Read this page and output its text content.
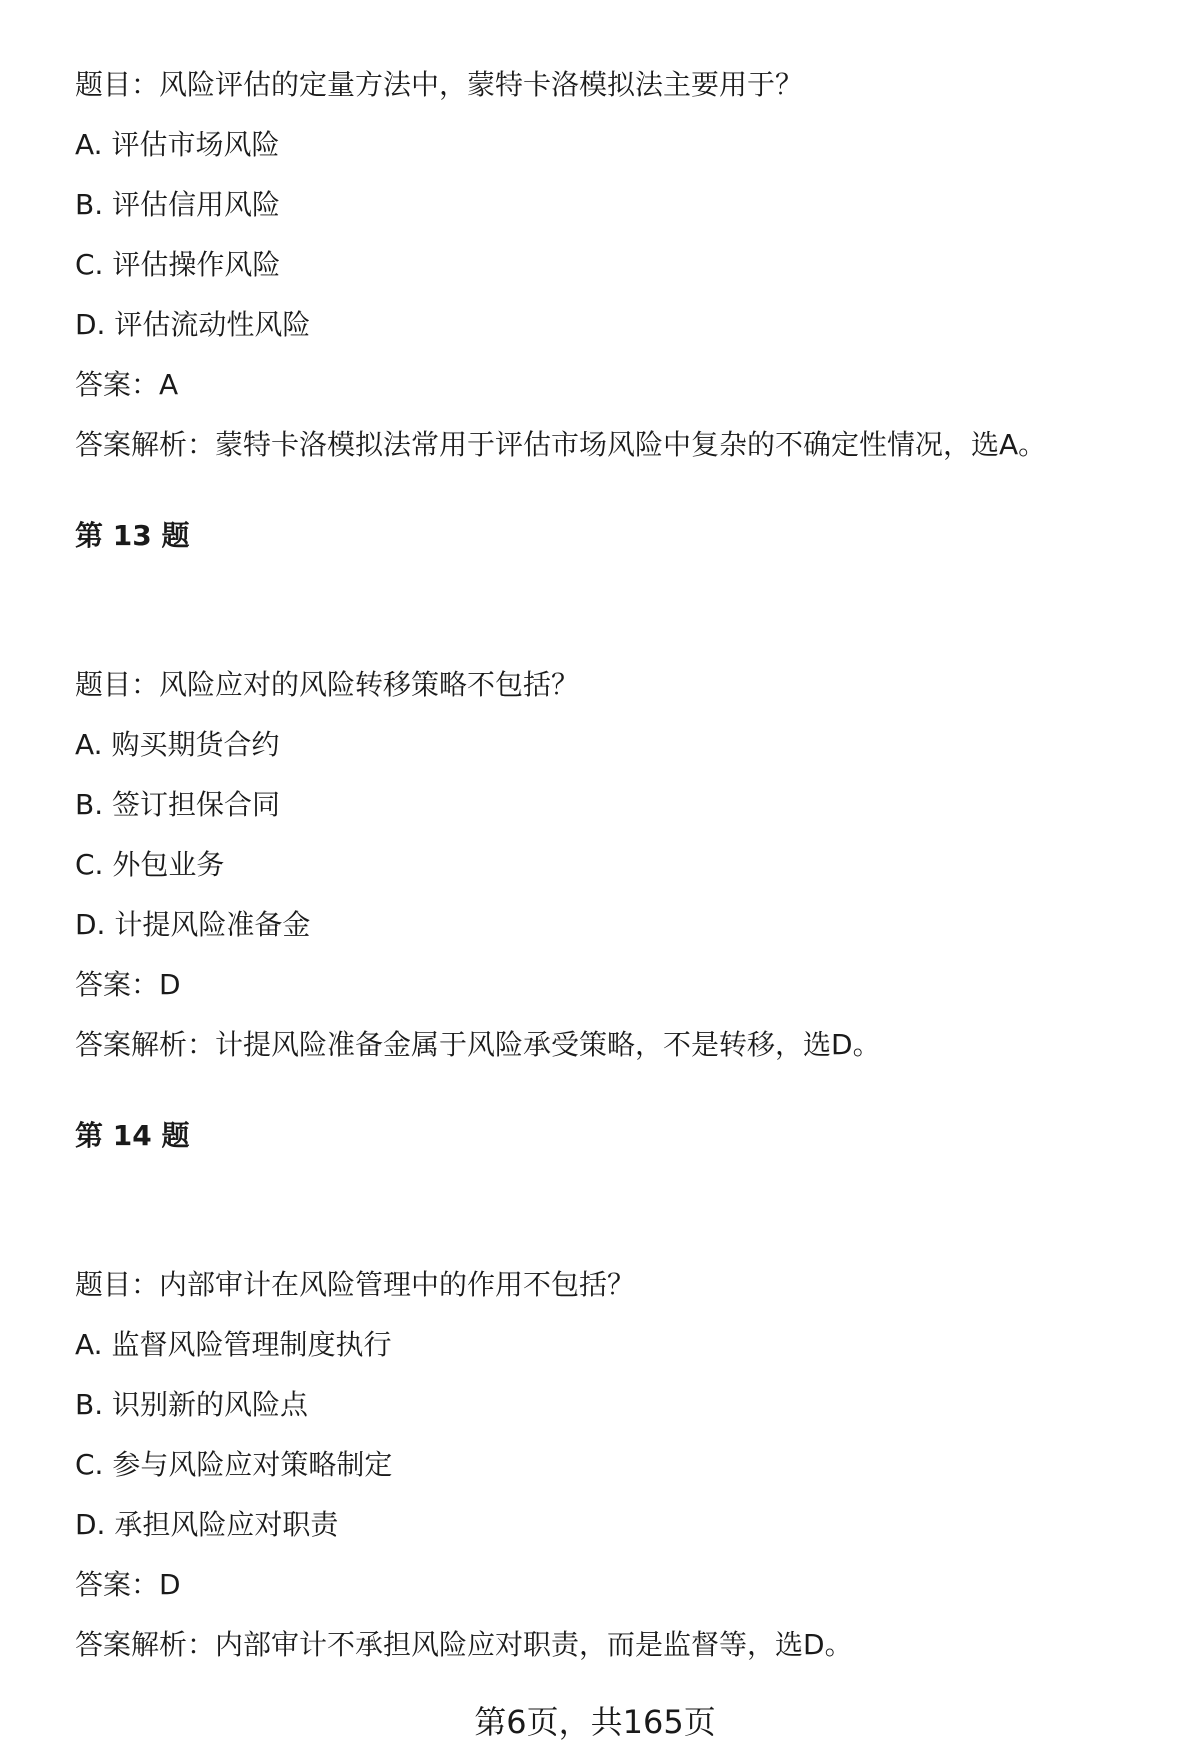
题目：风险评估的定量方法中，蒙特卡洛模拟法主要用于？
A. 评估市场风险
B. 评估信用风险
C. 评估操作风险
D. 评估流动性风险
答案：A
答案解析：蒙特卡洛模拟法常用于评估市场风险中复杂的不确定性情况，选A。
第 13 题
题目：风险应对的风险转移策略不包括？
A. 购买期货合约
B. 签订担保合同
C. 外包业务
D. 计提风险准备金
答案：D
答案解析：计提风险准备金属于风险承受策略，不是转移，选D。
第 14 题
题目：内部审计在风险管理中的作用不包括？
A. 监督风险管理制度执行
B. 识别新的风险点
C. 参与风险应对策略制定
D. 承担风险应对职责
答案：D
答案解析：内部审计不承担风险应对职责，而是监督等，选D。
第6页，共165页
